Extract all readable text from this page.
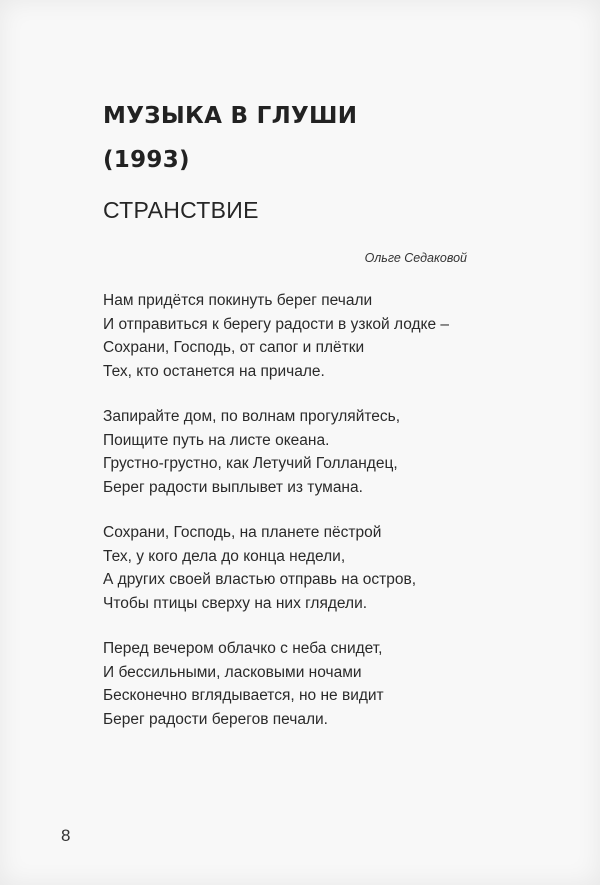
МУЗЫКА В ГЛУШИ
(1993)
СТРАНСТВИЕ
Ольге Седаковой
Нам придётся покинуть берег печали
И отправиться к берегу радости в узкой лодке –
Сохрани, Господь, от сапог и плётки
Тех, кто останется на причале.
Запирайте дом, по волнам прогуляйтесь,
Поищите путь на листе океана.
Грустно-грустно, как Летучий Голландец,
Берег радости выплывет из тумана.
Сохрани, Господь, на планете пёстрой
Тех, у кого дела до конца недели,
А других своей властью отправь на остров,
Чтобы птицы сверху на них глядели.
Перед вечером облачко с неба снидет,
И бессильными, ласковыми ночами
Бесконечно вглядывается, но не видит
Берег радости берегов печали.
8
